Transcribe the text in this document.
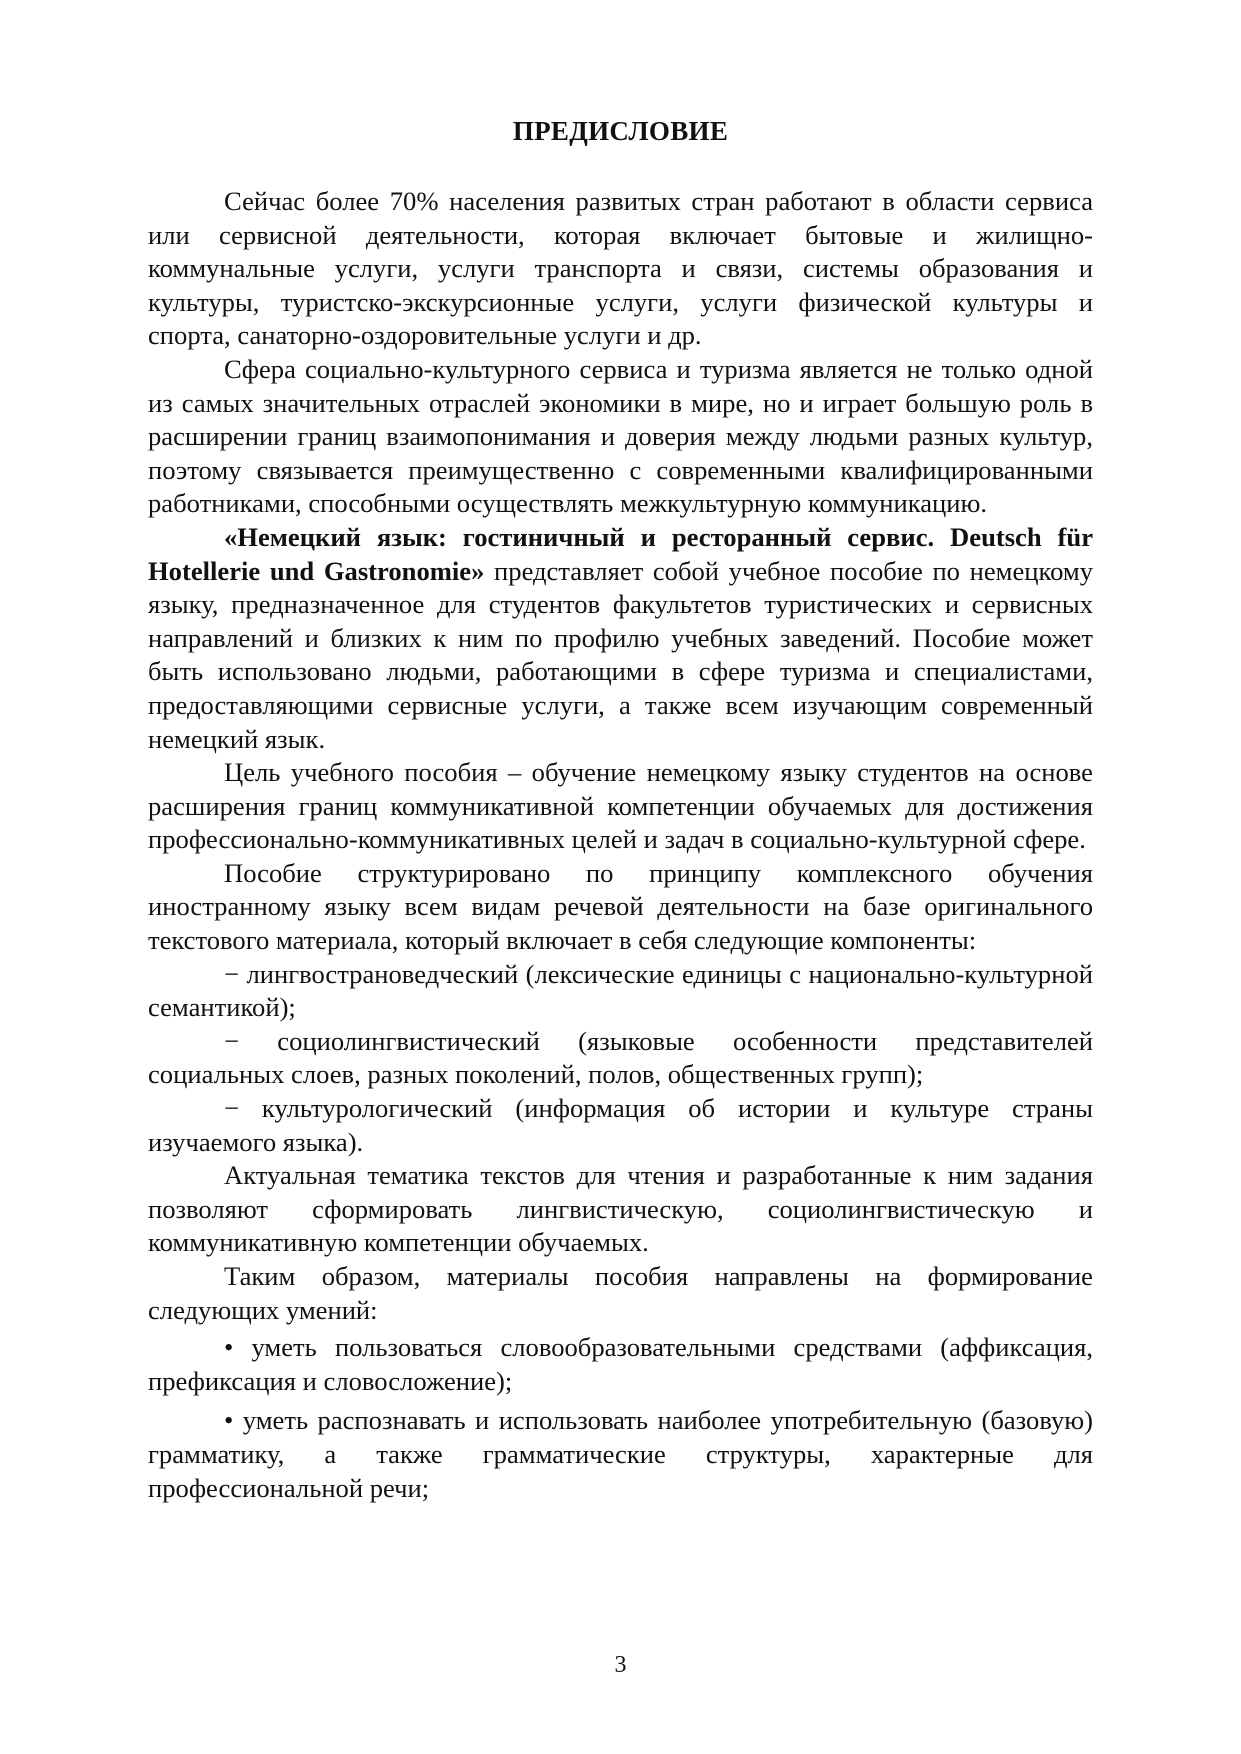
ПРЕДИСЛОВИЕ

Сейчас более 70% населения развитых стран работают в области сервиса или сервисной деятельности, которая включает бытовые и жилищно-коммунальные услуги, услуги транспорта и связи, системы образования и культуры, туристско-экскурсионные услуги, услуги физической культуры и спорта, санаторно-оздоровительные услуги и др.

Сфера социально-культурного сервиса и туризма является не только одной из самых значительных отраслей экономики в мире, но и играет большую роль в расширении границ взаимопонимания и доверия между людьми разных культур, поэтому связывается преимущественно с современными квалифицированными работниками, способными осуществлять межкультурную коммуникацию.

«Немецкий язык: гостиничный и ресторанный сервис. Deutsch für Hotellerie und Gastronomie» представляет собой учебное пособие по немецкому языку, предназначенное для студентов факультетов туристических и сервисных направлений и близких к ним по профилю учебных заведений. Пособие может быть использовано людьми, работающими в сфере туризма и специалистами, предоставляющими сервисные услуги, а также всем изучающим современный немецкий язык.

Цель учебного пособия – обучение немецкому языку студентов на основе расширения границ коммуникативной компетенции обучаемых для достижения профессионально-коммуникативных целей и задач в социально-культурной сфере.

Пособие структурировано по принципу комплексного обучения иностранному языку всем видам речевой деятельности на базе оригинального текстового материала, который включает в себя следующие компоненты:

− лингвострановедческий (лексические единицы с национально-культурной семантикой);

− социолингвистический (языковые особенности представителей социальных слоев, разных поколений, полов, общественных групп);

− культурологический (информация об истории и культуре страны изучаемого языка).

Актуальная тематика текстов для чтения и разработанные к ним задания позволяют сформировать лингвистическую, социолингвистическую и коммуникативную компетенции обучаемых.

Таким образом, материалы пособия направлены на формирование следующих умений:

• уметь пользоваться словообразовательными средствами (аффиксация, префиксация и словосложение);

• уметь распознавать и использовать наиболее употребительную (базовую) грамматику, а также грамматические структуры, характерные для профессиональной речи;

3
